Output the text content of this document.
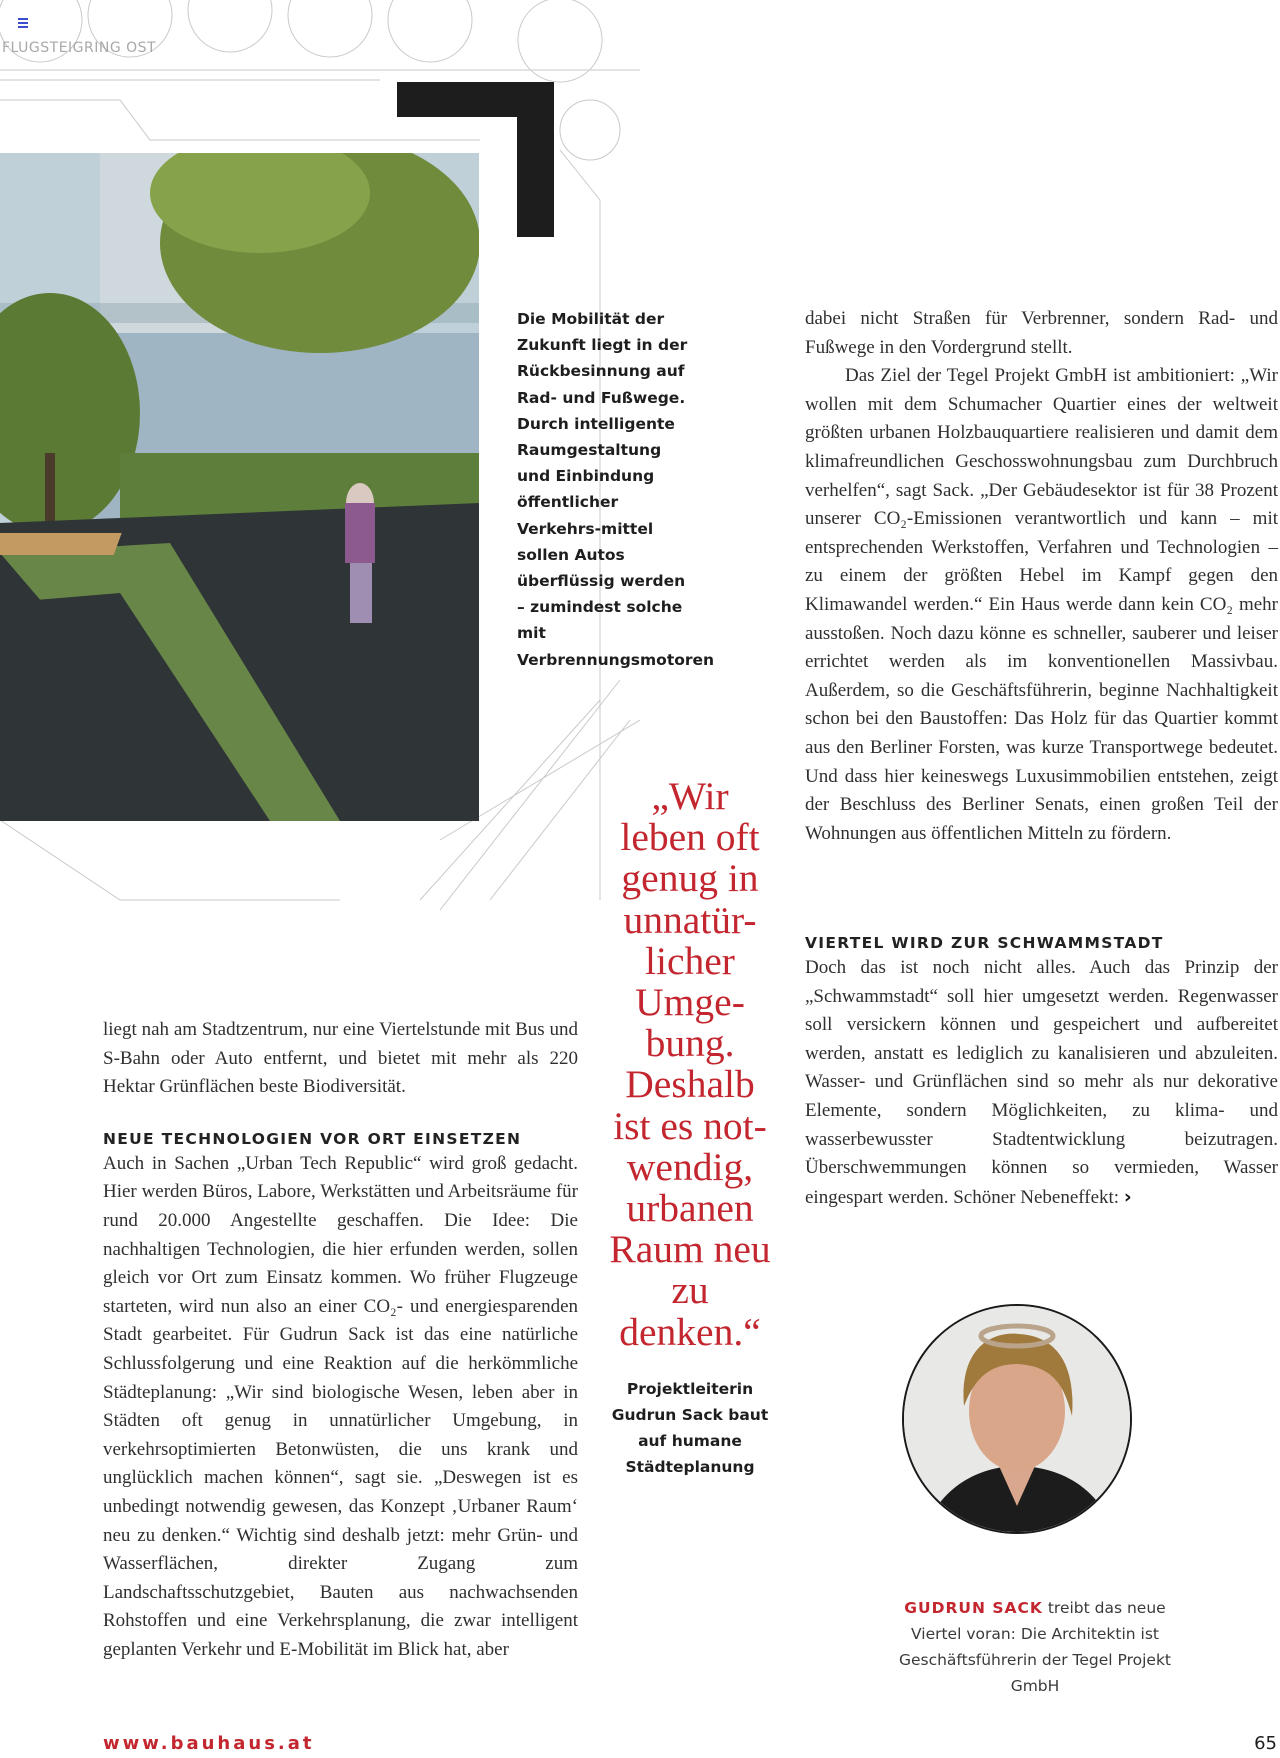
FLUGSTEIGRING OST

Die Mobilität der Zukunft liegt in der Rückbesinnung auf Rad- und Fußwege. Durch intelligente Raumgestaltung und Einbindung öffentlicher Verkehrs-mittel sollen Autos überflüssig werden – zumindest solche mit Verbrennungsmotoren

liegt nah am Stadtzentrum, nur eine Viertelstunde mit Bus und S-Bahn oder Auto entfernt, und bietet mit mehr als 220 Hektar Grünflächen beste Biodiversität.

NEUE TECHNOLOGIEN VOR ORT EINSETZEN

Auch in Sachen „Urban Tech Republic“ wird groß gedacht. Hier werden Büros, Labore, Werkstätten und Arbeitsräume für rund 20.000 Angestellte geschaffen. Die Idee: Die nachhaltigen Technologien, die hier erfunden werden, sollen gleich vor Ort zum Einsatz kommen. Wo früher Flugzeuge starteten, wird nun also an einer CO₂- und energiesparenden Stadt gearbeitet. Für Gudrun Sack ist das eine natürliche Schlussfolgerung und eine Reaktion auf die herkömmliche Städteplanung: „Wir sind biologische Wesen, leben aber in Städten oft genug in unnatürlicher Umgebung, in verkehrsoptimierten Betonwüsten, die uns krank und unglücklich machen können“, sagt sie. „Deswegen ist es unbedingt notwendig gewesen, das Konzept ‚Urbaner Raum‘ neu zu denken.“ Wichtig sind deshalb jetzt: mehr Grün- und Wasserflächen, direkter Zugang zum Landschaftsschutzgebiet, Bauten aus nachwachsenden Rohstoffen und eine Verkehrsplanung, die zwar intelligent geplanten Verkehr und E-Mobilität im Blick hat, aber

„Wir leben oft genug in unnatür-licher Umge-bung. Deshalb ist es not-wendig, urbanen Raum neu zu denken.“

Projektleiterin Gudrun Sack baut auf humane Städteplanung

dabei nicht Straßen für Verbrenner, sondern Rad- und Fußwege in den Vordergrund stellt.

Das Ziel der Tegel Projekt GmbH ist ambitioniert: „Wir wollen mit dem Schumacher Quartier eines der weltweit größten urbanen Holzbauquartiere realisieren und damit dem klimafreundlichen Geschosswohnungsbau zum Durchbruch verhelfen“, sagt Sack. „Der Gebäudesektor ist für 38 Prozent unserer CO₂-Emissionen verantwortlich und kann – mit entsprechenden Werkstoffen, Verfahren und Technologien – zu einem der größten Hebel im Kampf gegen den Klimawandel werden.“ Ein Haus werde dann kein CO₂ mehr ausstoßen. Noch dazu könne es schneller, sauberer und leiser errichtet werden als im konventionellen Massivbau. Außerdem, so die Geschäftsführerin, beginne Nachhaltigkeit schon bei den Baustoffen: Das Holz für das Quartier kommt aus den Berliner Forsten, was kurze Transportwege bedeutet. Und dass hier keineswegs Luxusimmobilien entstehen, zeigt der Beschluss des Berliner Senats, einen großen Teil der Wohnungen aus öffentlichen Mitteln zu fördern.

VIERTEL WIRD ZUR SCHWAMMSTADT

Doch das ist noch nicht alles. Auch das Prinzip der „Schwammstadt“ soll hier umgesetzt werden. Regenwasser soll versickern können und gespeichert und aufbereitet werden, anstatt es lediglich zu kanalisieren und abzuleiten. Wasser- und Grünflächen sind so mehr als nur dekorative Elemente, sondern Möglichkeiten, zu klima- und wasserbewusster Stadtentwicklung beizutragen. Überschwemmungen können so vermieden, Wasser eingespart werden. Schöner Nebeneffekt: ›

GUDRUN SACK treibt das neue Viertel voran: Die Architektin ist Geschäftsführerin der Tegel Projekt GmbH

www.bauhaus.at	65
